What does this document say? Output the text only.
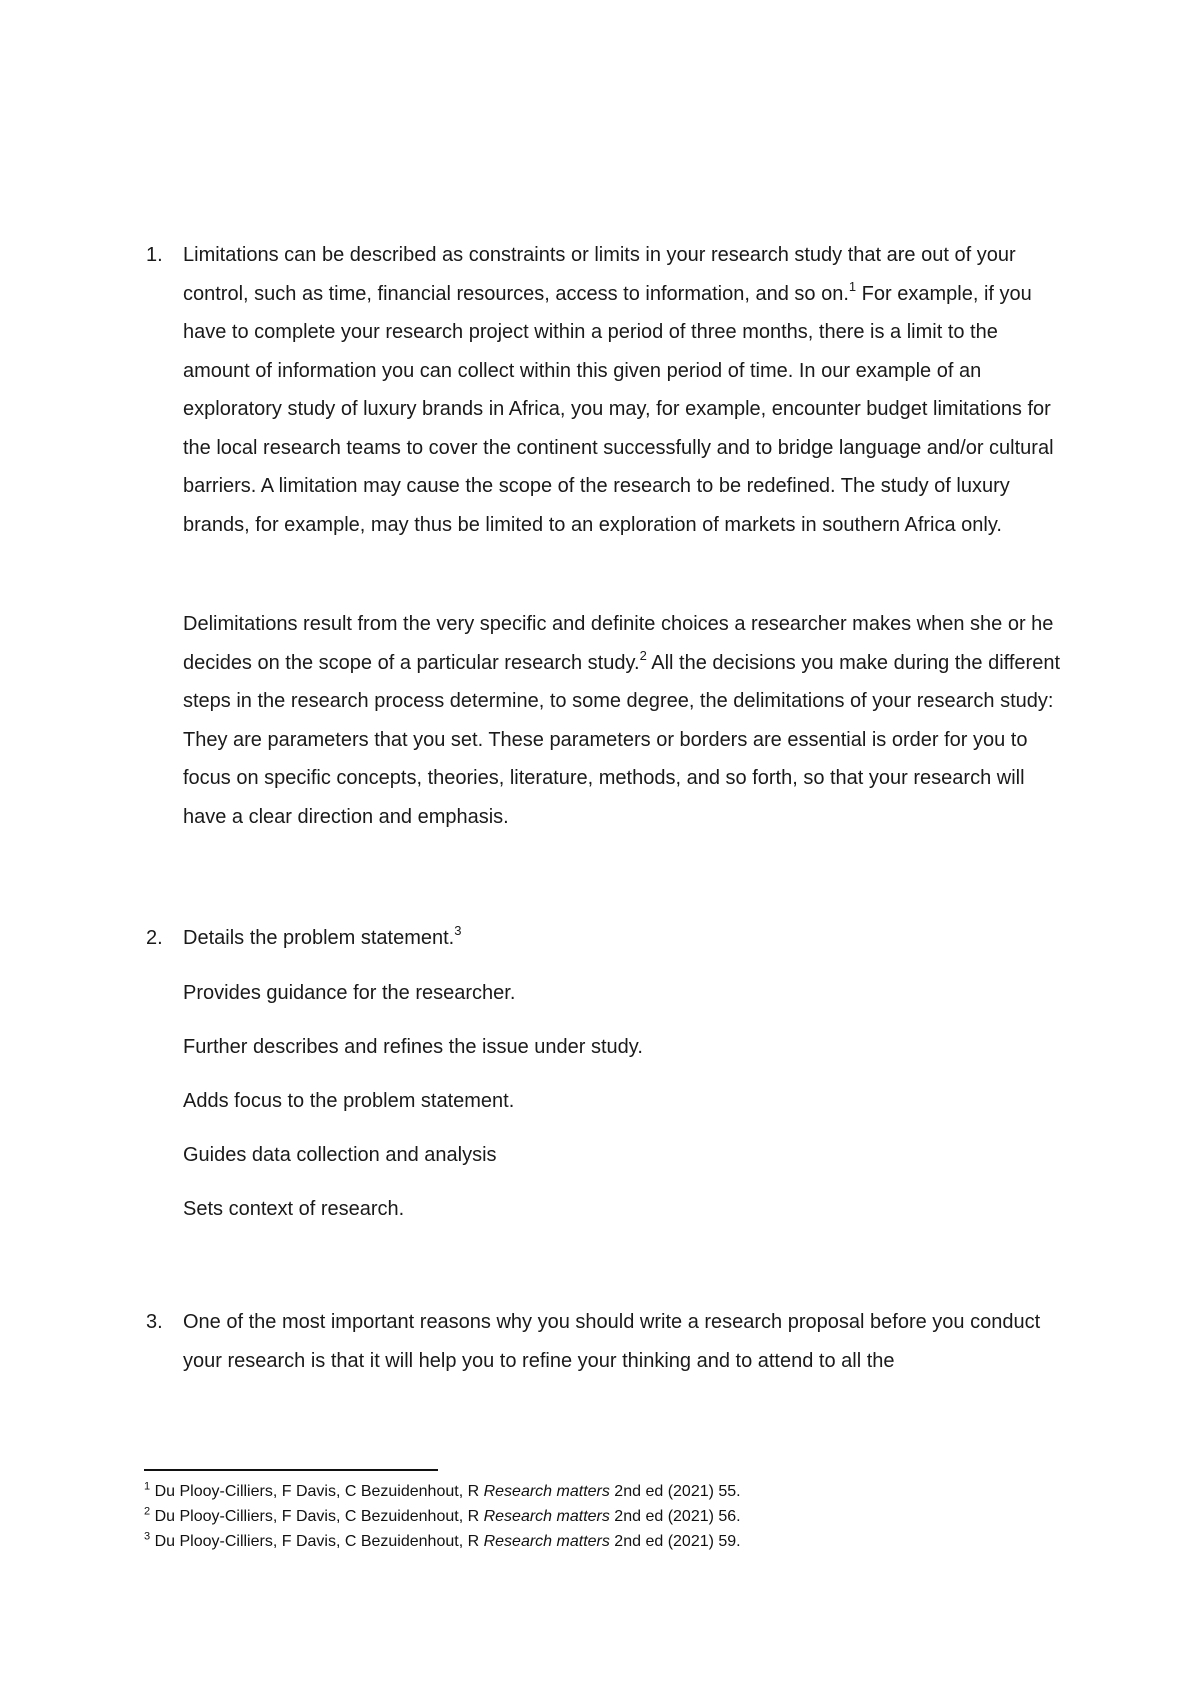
1. Limitations can be described as constraints or limits in your research study that are out of your control, such as time, financial resources, access to information, and so on.$^1$ For example, if you have to complete your research project within a period of three months, there is a limit to the amount of information you can collect within this given period of time. In our example of an exploratory study of luxury brands in Africa, you may, for example, encounter budget limitations for the local research teams to cover the continent successfully and to bridge language and/or cultural barriers. A limitation may cause the scope of the research to be redefined. The study of luxury brands, for example, may thus be limited to an exploration of markets in southern Africa only.

Delimitations result from the very specific and definite choices a researcher makes when she or he decides on the scope of a particular research study.$^2$ All the decisions you make during the different steps in the research process determine, to some degree, the delimitations of your research study: They are parameters that you set. These parameters or borders are essential is order for you to focus on specific concepts, theories, literature, methods, and so forth, so that your research will have a clear direction and emphasis.

2. Details the problem statement.$^3$

Provides guidance for the researcher.
Further describes and refines the issue under study.
Adds focus to the problem statement.
Guides data collection and analysis
Sets context of research.
3. One of the most important reasons why you should write a research proposal before you conduct your research is that it will help you to refine your thinking and to attend to all the

$^1$ Du Plooy-Cilliers, F Davis, C Bezuidenhout, R Research matters 2nd ed (2021) 55.
$^2$ Du Plooy-Cilliers, F Davis, C Bezuidenhout, R Research matters 2nd ed (2021) 56.
$^3$ Du Plooy-Cilliers, F Davis, C Bezuidenhout, R Research matters 2nd ed (2021) 59.
